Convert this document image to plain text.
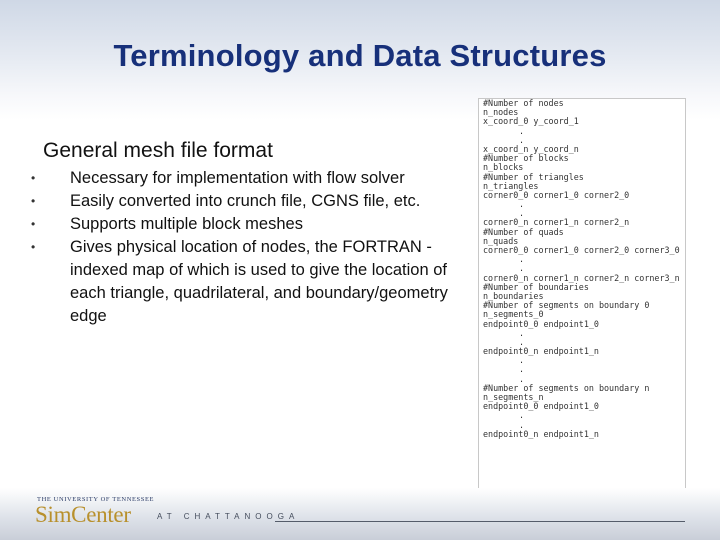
Terminology and Data Structures
General mesh file format
• Necessary for implementation with flow solver
• Easily converted into crunch file, CGNS file, etc.
• Supports multiple block meshes
• Gives physical location of nodes, the FORTRAN -indexed map of which is used to give the location of each triangle, quadrilateral, and boundary/geometry edge
#Number of nodes
n_nodes
x_coord_0 y_coord_1
.
.
x_coord_n y_coord_n
#Number of blocks
n_blocks
#Number of triangles
n_triangles
corner0_0 corner1_0 corner2_0
.
.
corner0_n corner1_n corner2_n
#Number of quads
n_quads
corner0_0 corner1_0 corner2_0 corner3_0
.
.
corner0_n corner1_n corner2_n corner3_n
#Number of boundaries
n_boundaries
#Number of segments on boundary 0
n_segments_0
endpoint0_0 endpoint1_0
.
.
endpoint0_n endpoint1_n
.
.
.
#Number of segments on boundary n
n_segments_n
endpoint0_0 endpoint1_0
.
.
endpoint0_n endpoint1_n
THE UNIVERSITY OF TENNESSEE
SimCenter	AT CHATTANOOGA
